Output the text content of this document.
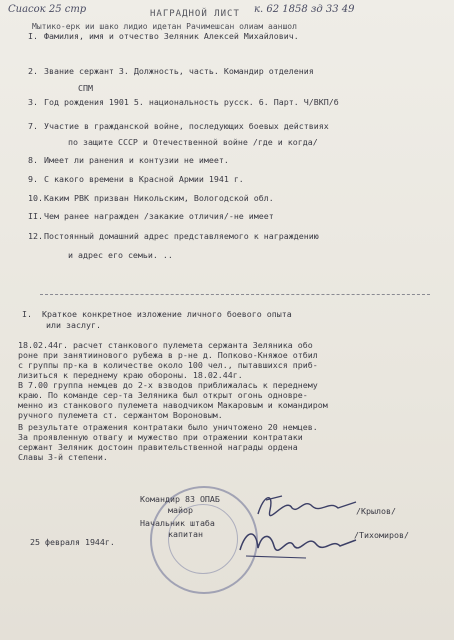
Сиасок 25 стр	к. 62 1858 зд 33 49
НАГРАДНОЙ ЛИСТ
Мытико-ерк ии шако лидио идетан Рачимешсан олиам ааншол
I. Фамилия, имя и отчество Зеляник Алексей Михайлович.
2. Звание сержант 3. Должность, часть. Командир отделения
СПМ
3. Год рождения 1901 5. национальность русск. 6. Парт. Ч/ВКП/б
7. Участие в гражданской войне, последующих боевых действиях
по защите СССР и Отечественной войне /где и когда/
8. Имеет ли ранения и контузии не имеет.
9. С какого времени в Красной Армии 1941 г.
10.Каким РВК призван Никольским, Вологодской обл.
II.Чем ранее награжден /закакие отличия/-не имеет
12.Постоянный домашний адрес представляемого к награждению
и адрес его семьи. ..
I. Краткое конкретное изложение личного боевого опыта
или заслуг.
18.02.44г. расчет станкового пулемета сержанта Зеляника обо
роне при занятиинового рубежа в р-не д. Попково-Княжое отбил
с группы пр-ка в количестве около 100 чел., пытавшихся приб-
лизиться к переднему краю обороны. 18.02.44г.
В 7.00 группа немцев до 2-х взводов приближалась к переднему
краю. По команде сер-та Зеляника был открыт огонь одновре-
менно из станкового пулемета наводчиком Макаровым и командиром
ручного пулемета ст. сержантом Вороновым.
В результате отражения контратаки было уничтожено 20 немцев.
За проявленную отвагу и мужество при отражении контратаки
сержант Зеляник достоин правительственной награды ордена
Славы 3-й степени.
Командир 83 ОПАБ
майор	/Крылов/
Начальник штаба
капитан	/Тихомиров/
25 февраля 1944г.
